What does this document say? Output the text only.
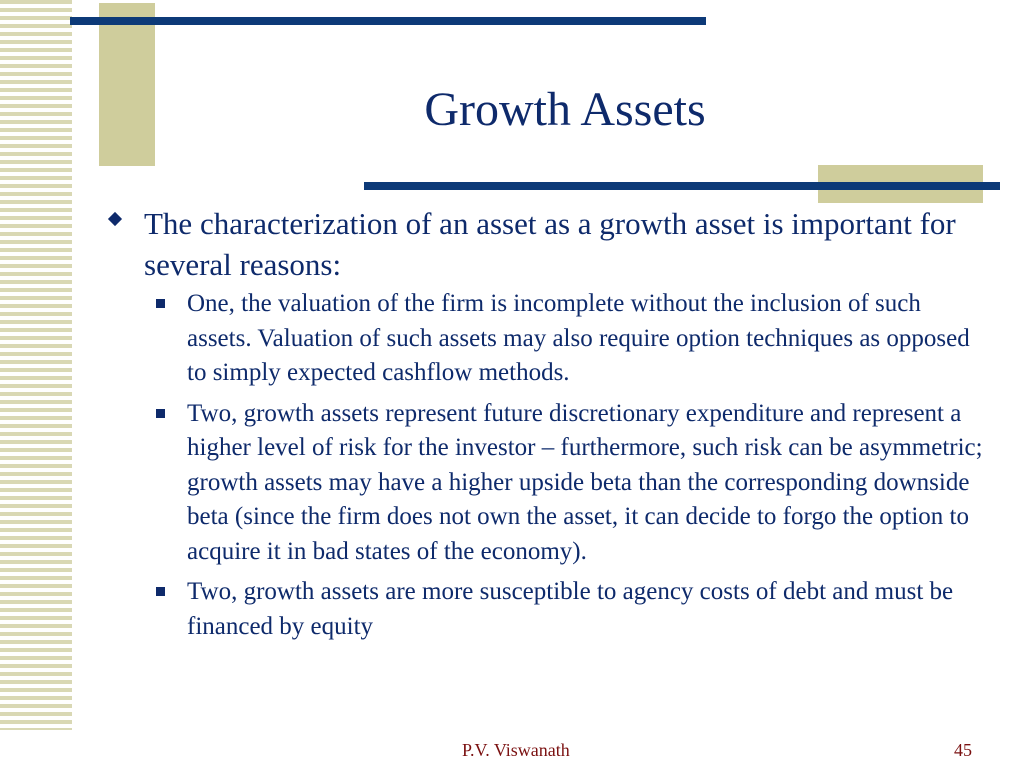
Growth Assets
The characterization of an asset as a growth asset is important for several reasons:
One, the valuation of the firm is incomplete without the inclusion of such assets. Valuation of such assets may also require option techniques as opposed to simply expected cashflow methods.
Two, growth assets represent future discretionary expenditure and represent a higher level of risk for the investor – furthermore, such risk can be asymmetric; growth assets may have a higher upside beta than the corresponding downside beta (since the firm does not own the asset, it can decide to forgo the option to acquire it in bad states of the economy).
Two, growth assets are more susceptible to agency costs of debt and must be financed by equity
P.V. Viswanath	45
